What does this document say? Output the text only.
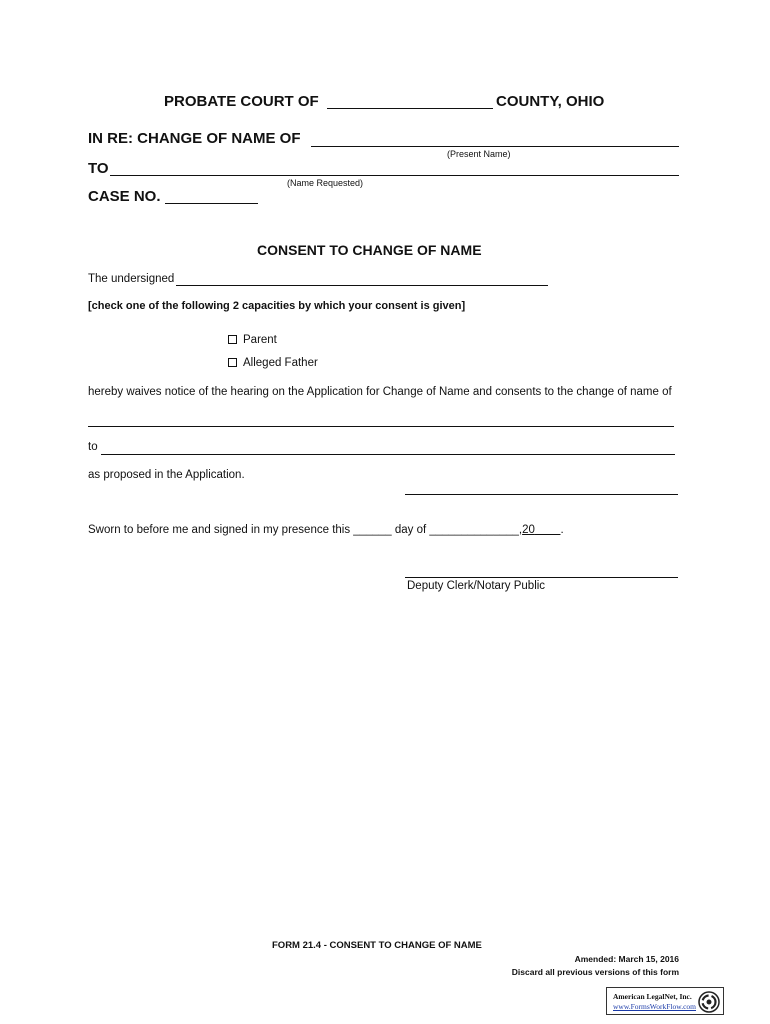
PROBATE COURT OF	COUNTY, OHIO
IN RE: CHANGE OF NAME OF
(Present Name)
TO
(Name Requested)
CASE NO.
CONSENT TO CHANGE OF NAME
The undersigned
[check one of the following 2 capacities by which your consent is given]
Parent
Alleged Father
hereby waives notice of the hearing on the Application for Change of Name and consents to the change of name of
to
as proposed in the Application.
Sworn to before me and signed in my presence this ______ day of ______________,20 .
Deputy Clerk/Notary Public
FORM 21.4 - CONSENT TO CHANGE OF NAME
Amended: March 15, 2016
Discard all previous versions of this form
American LegalNet, Inc.
www.FormsWorkFlow.com
